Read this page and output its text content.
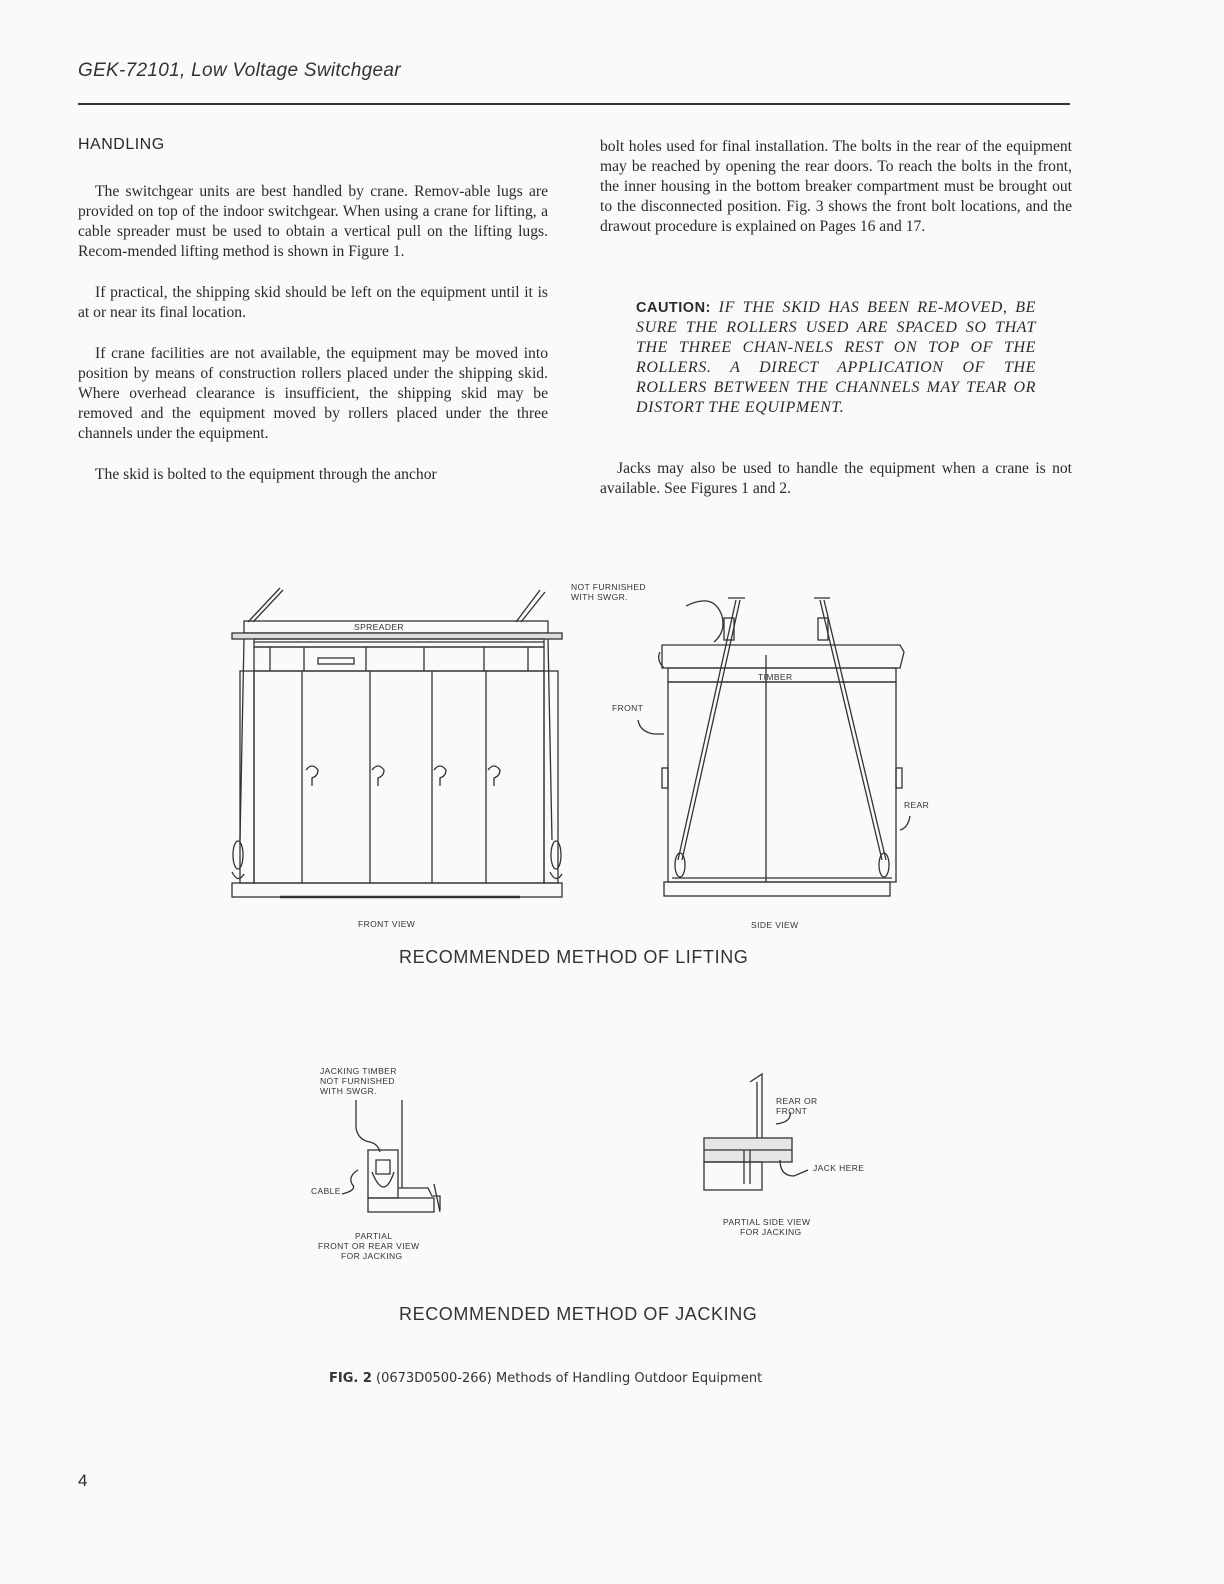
GEK-72101, Low Voltage Switchgear
HANDLING

The switchgear units are best handled by crane. Remov-able lugs are provided on top of the indoor switchgear. When using a crane for lifting, a cable spreader must be used to obtain a vertical pull on the lifting lugs. Recom-mended lifting method is shown in Figure 1.

If practical, the shipping skid should be left on the equipment until it is at or near its final location.

If crane facilities are not available, the equipment may be moved into position by means of construction rollers placed under the shipping skid. Where overhead clearance is insufficient, the shipping skid may be removed and the equipment moved by rollers placed under the three channels under the equipment.

The skid is bolted to the equipment through the anchor

bolt holes used for final installation. The bolts in the rear of the equipment may be reached by opening the rear doors. To reach the bolts in the front, the inner housing in the bottom breaker compartment must be brought out to the disconnected position. Fig. 3 shows the front bolt locations, and the drawout procedure is explained on Pages 16 and 17.

CAUTION: IF THE SKID HAS BEEN RE-MOVED, BE SURE THE ROLLERS USED ARE SPACED SO THAT THE THREE CHAN-NELS REST ON TOP OF THE ROLLERS. A DIRECT APPLICATION OF THE ROLLERS BETWEEN THE CHANNELS MAY TEAR OR DISTORT THE EQUIPMENT.

Jacks may also be used to handle the equipment when a crane is not available. See Figures 1 and 2.

SPREADER
NOT FURNISHED
WITH SWGR.
TIMBER
FRONT
REAR
FRONT VIEW	SIDE VIEW
JACKING TIMBER
NOT FURNISHED
WITH SWGR.
CABLE
PARTIAL
FRONT OR REAR VIEW
FOR JACKING
REAR OR
FRONT
JACK HERE
PARTIAL SIDE VIEW
FOR JACKING
RECOMMENDED METHOD OF LIFTING
RECOMMENDED METHOD OF JACKING
FIG. 2 (0673D0500-266) Methods of Handling Outdoor Equipment
4
